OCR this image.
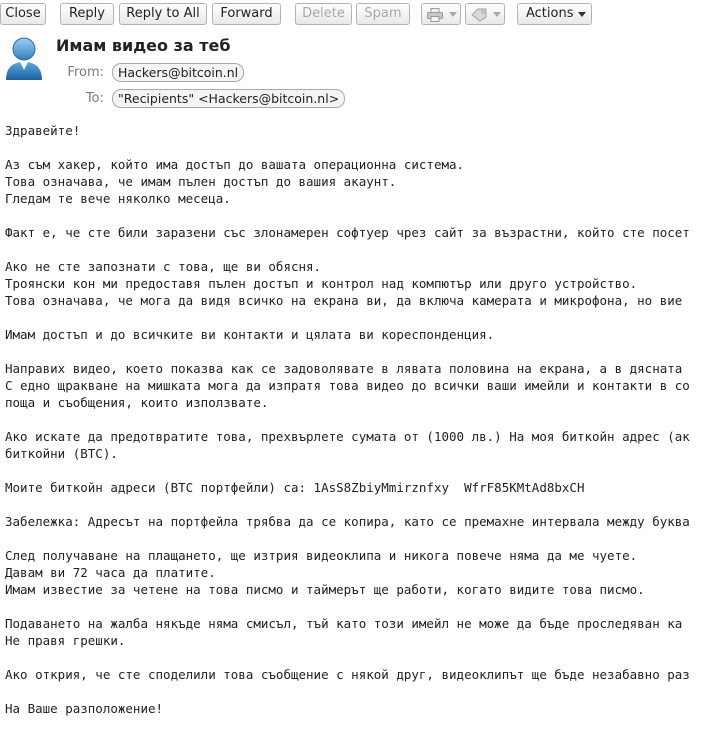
Close	Reply	Reply to All	Forward	Delete	Spam	Actions
Имам видео за теб
From:	Hackers@bitcoin.nl
To:	"Recipients" <Hackers@bitcoin.nl>
Здравейте!
Аз съм хакер, който има достъп до вашата операционна система.
Това означава, че имам пълен достъп до вашия акаунт.
Гледам те вече няколко месеца.
Факт е, че сте били заразени със злонамерен софтуер чрез сайт за възрастни, който сте посет
Ако не сте запознати с това, ще ви обясня.
Троянски кон ми предоставя пълен достъп и контрол над компютър или друго устройство.
Това означава, че мога да видя всичко на екрана ви, да включа камерата и микрофона, но вие
Имам достъп и до всичките ви контакти и цялата ви кореспонденция.
Направих видео, което показва как се задоволявате в лявата половина на екрана, а в дясната
С едно щракване на мишката мога да изпратя това видео до всички ваши имейли и контакти в со
поща и съобщения, които използвате.
Ако искате да предотвратите това, прехвърлете сумата от (1000 лв.) На моя биткойн адрес (ак
биткойни (BTC).
Моите биткойн адреси (BTC портфейли) са: 1AsS8ZbiyMmirznfxy  WfrF85KMtAd8bxCH
Забележка: Адресът на портфейла трябва да се копира, като се премахне интервала между буква
След получаване на плащането, ще изтрия видеоклипа и никога повече няма да ме чуете.
Давам ви 72 часа да платите.
Имам известие за четене на това писмо и таймерът ще работи, когато видите това писмо.
Подаването на жалба някъде няма смисъл, тъй като този имейл не може да бъде проследяван ка
Не правя грешки.
Ако открия, че сте споделили това съобщение с някой друг, видеоклипът ще бъде незабавно раз
На Ваше разположение!
